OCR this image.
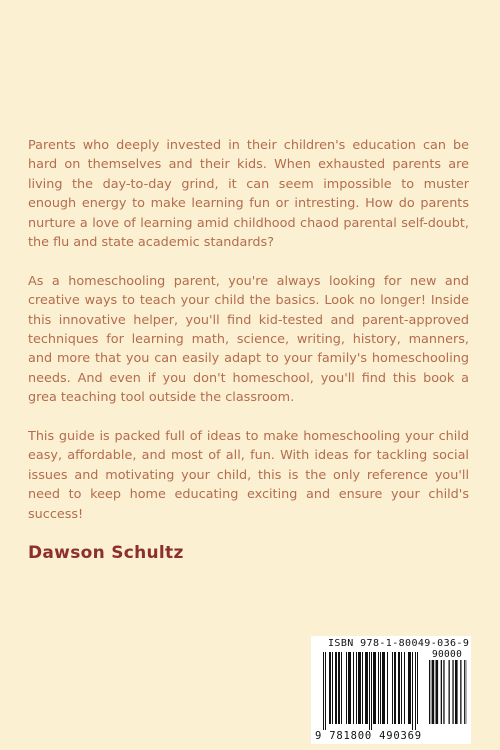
Parents who deeply invested in their children's education can be hard on themselves and their kids. When exhausted parents are living the day-to-day grind, it can seem impossible to muster enough energy to make learning fun or intresting. How do parents nurture a love of learning amid childhood chaod parental self-doubt, the flu and state academic standards?

As a homeschooling parent, you're always looking for new and creative ways to teach your child the basics. Look no longer! Inside this innovative helper, you'll find kid-tested and parent-approved techniques for learning math, science, writing, history, manners, and more that you can easily adapt to your family's homeschooling needs. And even if you don't homeschool, you'll find this book a grea teaching tool outside the classroom.

This guide is packed full of ideas to make homeschooling your child easy, affordable, and most of all, fun. With ideas for tackling social issues and motivating your child, this is the only reference you'll need to keep home educating exciting and ensure your child's success!

Dawson Schultz
ISBN 978-1-80049-036-9
90000
9 781800 490369
